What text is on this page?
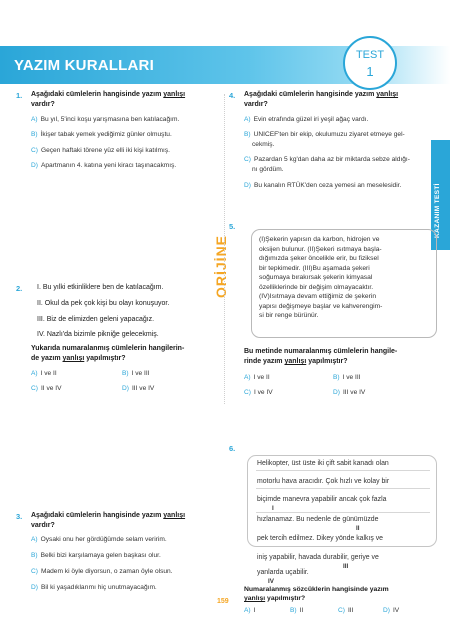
YAZIM KURALLARI
TEST
1
KAZANIM TESTİ
ORİJİNE
1. Aşağıdaki cümlelerin hangisinde yazım yanlışı
vardır?
A) Bu yıl, 5'inci koşu yarışmasına ben katılacağım.
B) İkişer tabak yemek yediğimiz günler olmuştu.
C) Geçen haftaki törene yüz elli iki kişi katılmış.
D) Apartmanın 4. katına yeni kiracı taşınacakmış.
4. Aşağıdaki cümlelerin hangisinde yazım yanlışı
vardır?
A) Evin etrafında güzel iri yeşil ağaç vardı.
B) UNICEF'ten bir ekip, okulumuzu ziyaret etmeye gel-
cekmiş.
C) Pazardan 5 kg'dan daha az bir miktarda sebze aldığı-
nı gördüm.
D) Bu kanalın RTÜK'den ceza yemesi an meselesidir.
5.
(I)Şekerin yapısın da karbon, hidrojen ve
oksijen bulunur. (II)Şekeri ısıtmaya başla-
dığımızda şeker öncelikle erir, bu fiziksel
bir tepkimedir. (III)Bu aşamada şekeri
soğumaya bırakırsak şekerin kimyasal
özelliklerinde bir değişim olmayacaktır.
(IV)Isıtmaya devam ettiğimiz de şekerin
yapısı değişmeye başlar ve kahverengim-
si bir renge bürünür.
Bu metinde numaralanmış cümlelerin hangile-
rinde yazım yanlışı yapılmıştır?
A) I ve II	B) I ve III
C) I ve IV	D) III ve IV
2. I. Bu yılki etkinliklere ben de katılacağım.
II. Okul da pek çok kişi bu olayı konuşuyor.
III. Biz de elimizden geleni yapacağız.
IV. Nazlı'da bizimle pikniğe gelecekmiş.
Yukarıda numaralanmış cümlelerin hangilerin-
de yazım yanlışı yapılmıştır?
A) I ve II	B) I ve III
C) II ve IV	D) III ve IV
3. Aşağıdaki cümlelerin hangisinde yazım yanlışı
vardır?
A) Oysaki onu her gördüğümde selam veririm.
B) Belki bizi karşılamaya gelen başkası olur.
C) Madem ki öyle diyorsun, o zaman öyle olsun.
D) Bil ki yaşadıklarımı hiç unutmayacağım.
6.
Helikopter, üst üste iki çift sabit kanadı olan
motorlu hava aracıdır. Çok hızlı ve kolay bir
biçimde manevra yapabilir ancak çok fazla
I
hızlanamaz. Bu nedenle de günümüzde
II
pek tercih edilmez. Dikey yönde kalkış ve
iniş yapabilir, havada durabilir, geriye ve
III
yanlarda uçabilir.
IV
Numaralanmış sözcüklerin hangisinde yazım
yanlışı yapılmıştır?
A) I	B) II	C) III	D) IV
159
